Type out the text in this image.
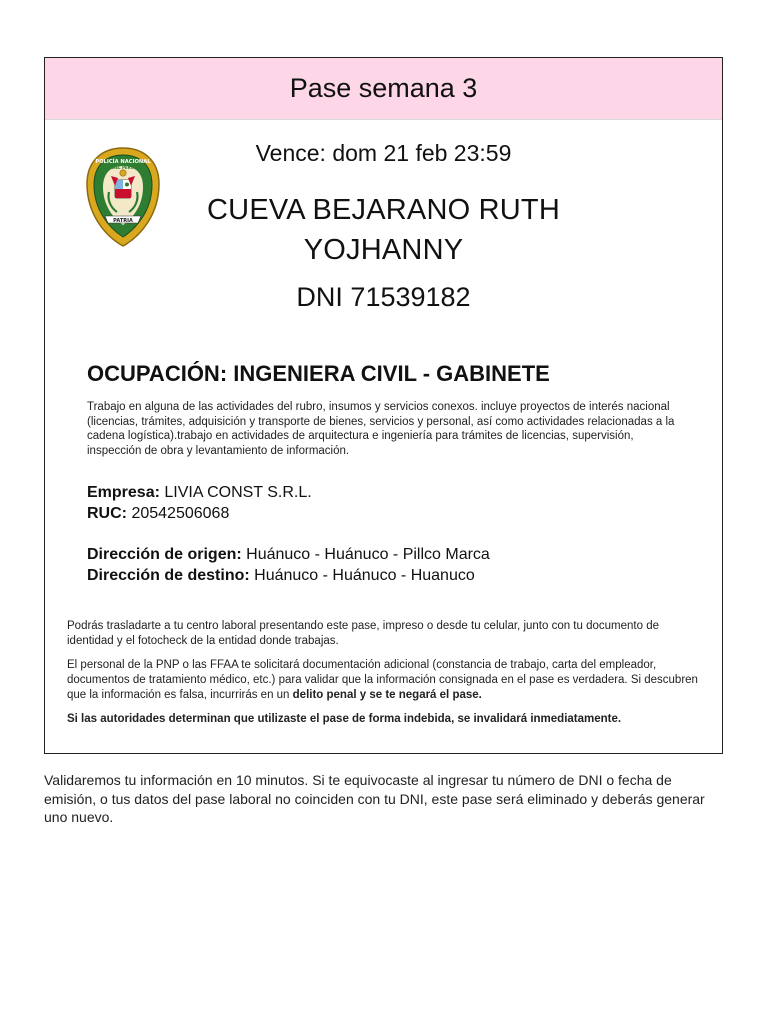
Pase semana 3
PATRIA
POLICÍA NACIONAL
DEL PERÚ
Vence: dom 21 feb 23:59
CUEVA BEJARANO RUTH
YOJHANNY
DNI 71539182
OCUPACIÓN: INGENIERA CIVIL - GABINETE
Trabajo en alguna de las actividades del rubro, insumos y servicios conexos. incluye proyectos de interés nacional (licencias, trámites, adquisición y transporte de bienes, servicios y personal, así como actividades relacionadas a la cadena logística).trabajo en actividades de arquitectura e ingeniería para trámites de licencias, supervisión, inspección de obra y levantamiento de información.
Empresa: LIVIA CONST S.R.L.
RUC: 20542506068
Dirección de origen: Huánuco - Huánuco - Pillco Marca
Dirección de destino: Huánuco - Huánuco - Huanuco

Podrás trasladarte a tu centro laboral presentando este pase, impreso o desde tu celular, junto con tu documento de identidad y el fotocheck de la entidad donde trabajas.

El personal de la PNP o las FFAA te solicitará documentación adicional (constancia de trabajo, carta del empleador, documentos de tratamiento médico, etc.) para validar que la información consignada en el pase es verdadera. Si descubren que la información es falsa, incurrirás en un delito penal y se te negará el pase.

Si las autoridades determinan que utilizaste el pase de forma indebida, se invalidará inmediatamente.

Validaremos tu información en 10 minutos. Si te equivocaste al ingresar tu número de DNI o fecha de emisión, o tus datos del pase laboral no coinciden con tu DNI, este pase será eliminado y deberás generar uno nuevo.
